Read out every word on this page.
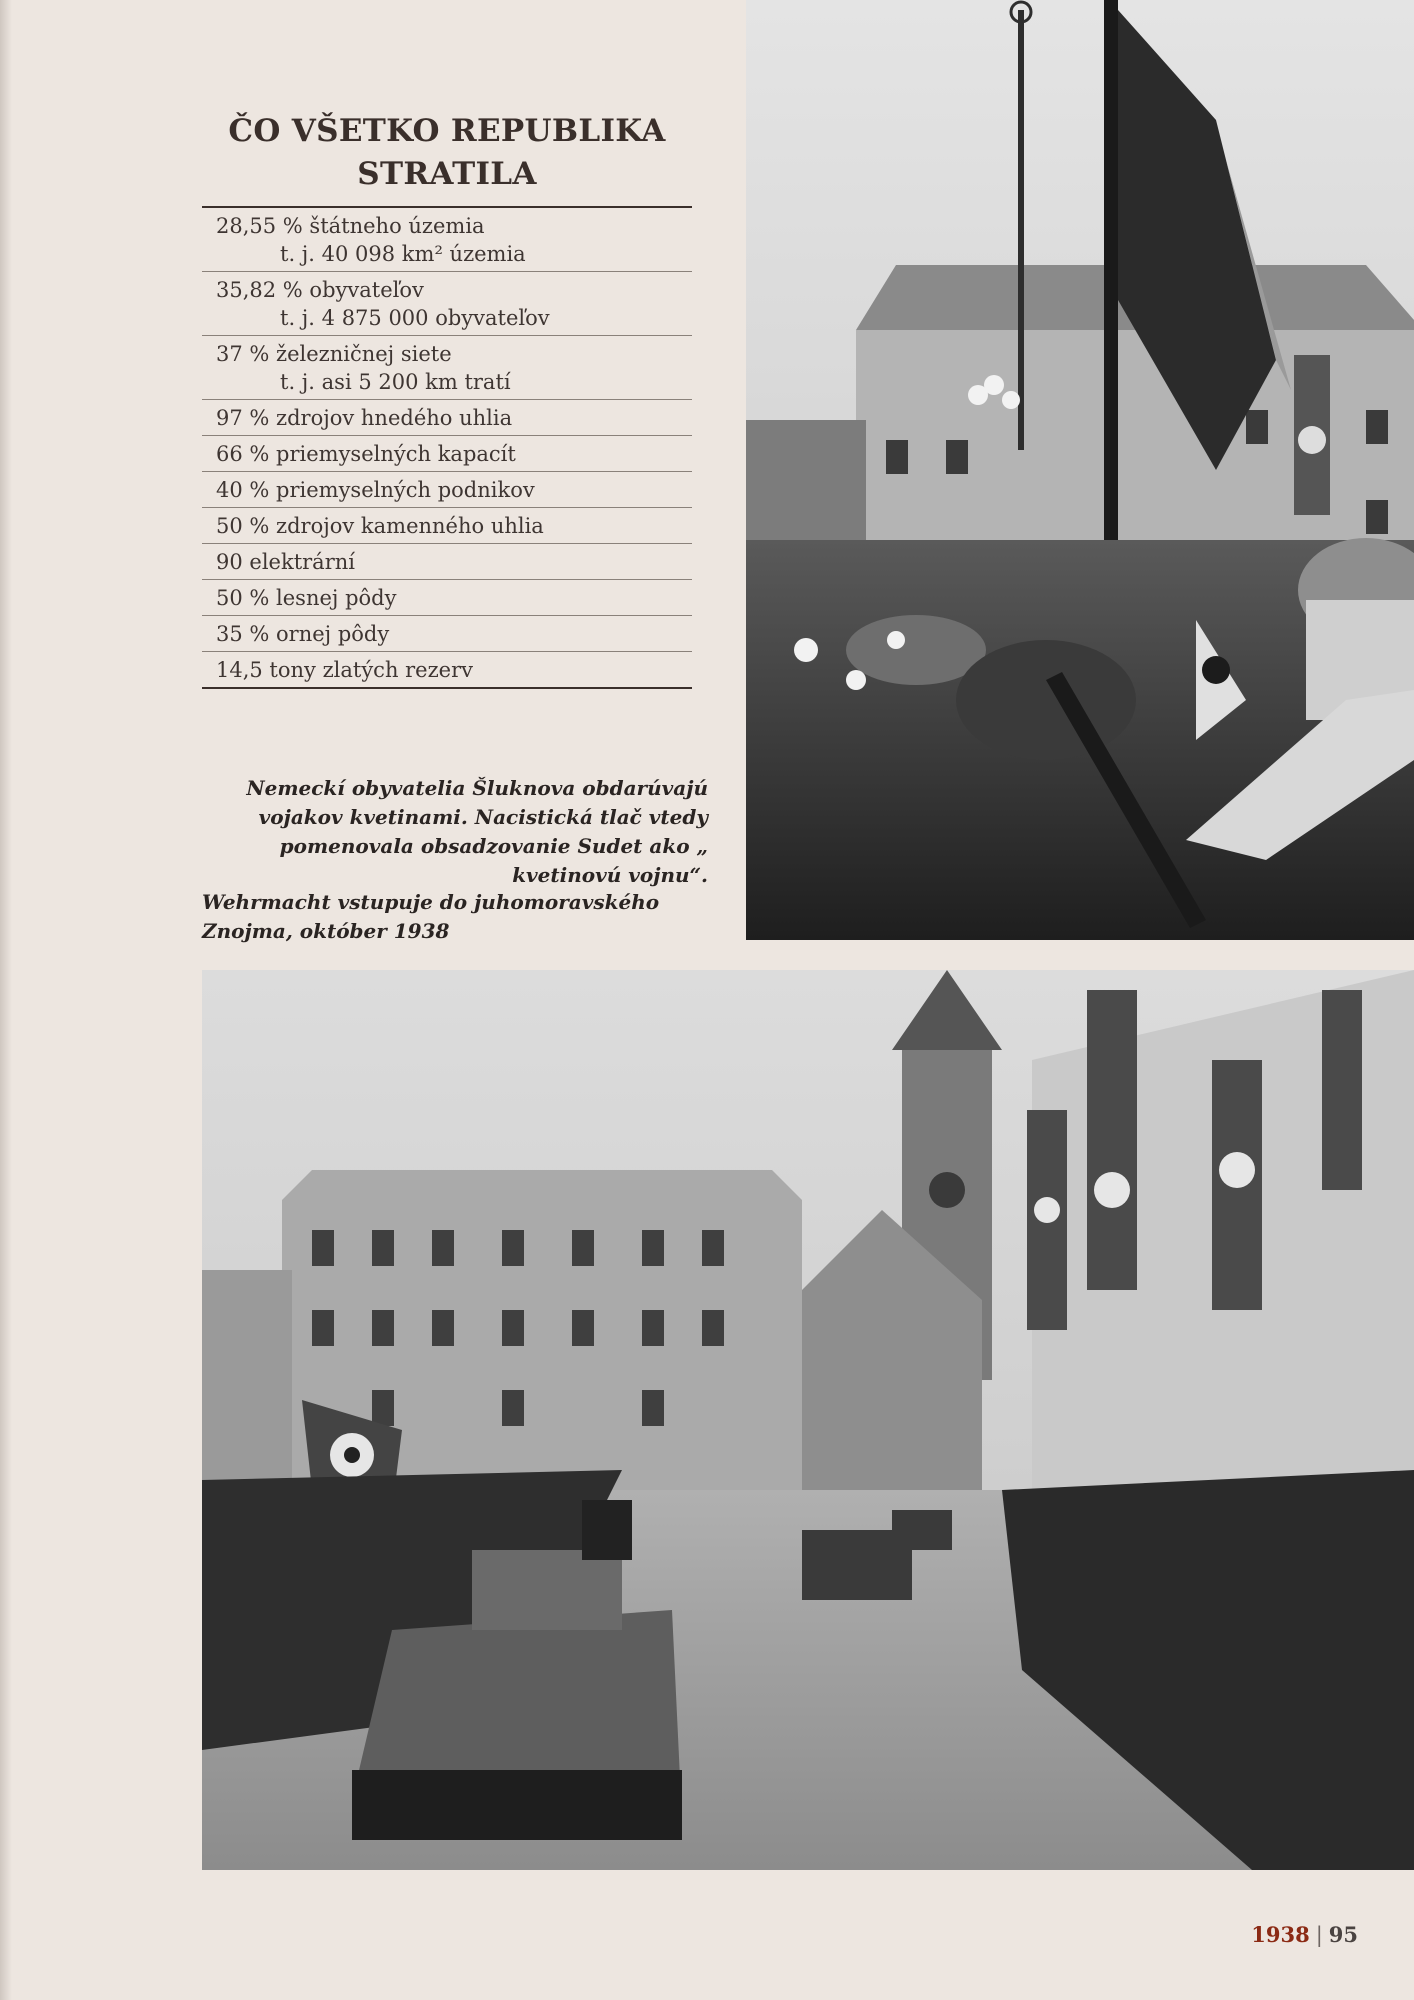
ČO VŠETKO REPUBLIKA
STRATILA
28,55 % štátneho územia
t. j. 40 098 km² územia
35,82 % obyvateľov
t. j. 4 875 000 obyvateľov
37 % železničnej siete
t. j. asi 5 200 km tratí
97 % zdrojov hnedého uhlia
66 % priemyselných kapacít
40 % priemyselných podnikov
50 % zdrojov kamenného uhlia
90 elektrární
50 % lesnej pôdy
35 % ornej pôdy
14,5 tony zlatých rezerv
Nemeckí obyvatelia Šluknova obdarúvajú vojakov kvetinami. Nacistická tlač vtedy pomenovala obsadzovanie Sudet ako „ kvetinovú vojnu“.
Wehrmacht vstupuje do juhomoravského Znojma, október 1938
1938 | 95
